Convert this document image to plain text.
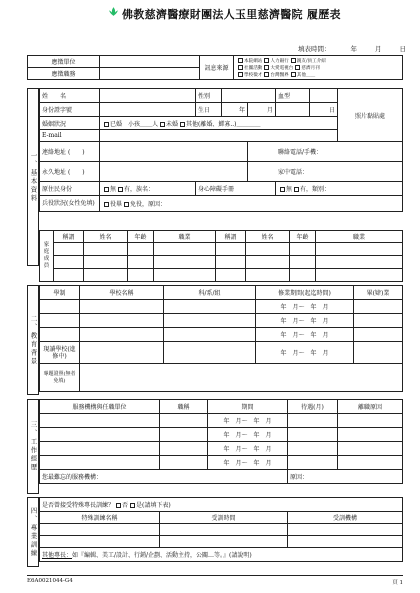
佛教慈濟醫療財團法人玉里慈濟醫院 履歷表
填表時間：	年	月	日
應徵單位		訊息來源	本院網站 人力銀行 親友/員工介紹
社團活動 大愛電視台 慈濟月刊
學校徵才 台灣醫界 其他＿＿
應徵職務			
一、基本資料
姓　　名		性別			血型		照片黏貼處
身份證字號		生日	年	月		日	
婚姻狀況	已婚　小孩＿＿人 未婚 其他(離婚、鰥寡..)＿＿＿＿						
E-mail							
連絡地址 (　　)				聯絡電話/手機：			
永久地址 (　　)				家中電話：			
原住民身份	無 有，族名：	身心障礙手冊			無 有，類別：		
兵役狀況(女性免填)	役畢 免役，原因：						
家庭成員	稱謂	姓名	年齡	職業	稱謂	姓名	年齡	職業

二、教育背景
學制	學校名稱	科/系/組	修業期間(起迄時間)	畢(肄)業
			年　月～　年　月	
			年　月～　年　月	
			年　月～　年　月	
現讀學校(進修中)			年　月～　年　月	
專題證照(無者免填)				
三、工作經歷
服務機構與任職單位	職稱	期間	待遇(月)	離職原因
		年　月～　年　月		
		年　月～　年　月		
		年　月～　年　月		
		年　月～　年　月		
您最難忘的服務機構：			原因：	
四、專業訓練
是否曾接受特殊專長訓練？ 否 是(請填下表)		
特殊訓練名稱	受訓時間	受訓機構

其他專長：如『編輯、美工/設計、行銷/企劃、活動主持，公關…等。』(請說明)		
E6A0021044-G4	頁 1
